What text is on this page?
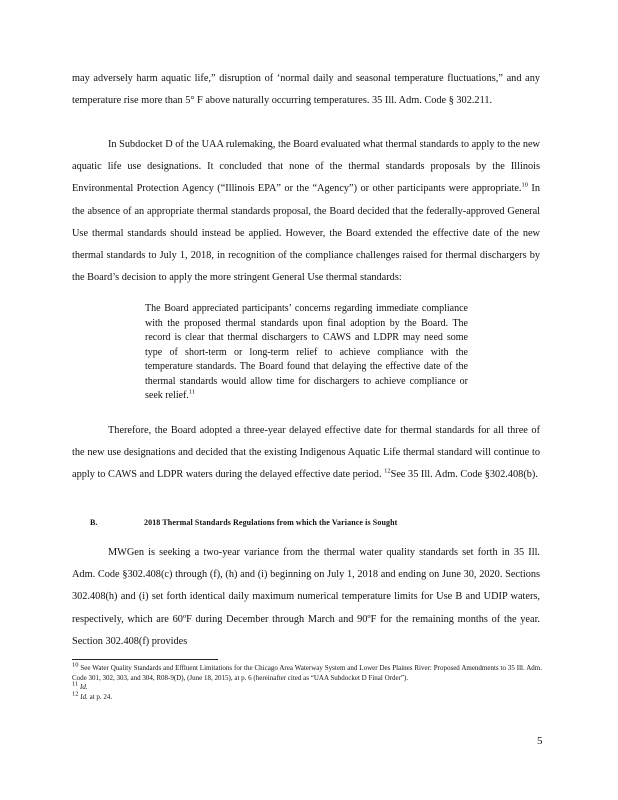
may adversely harm aquatic life,” disruption of ‘normal daily and seasonal temperature fluctuations,” and any temperature rise more than 5° F above naturally occurring temperatures. 35 Ill. Adm. Code § 302.211.

In Subdocket D of the UAA rulemaking, the Board evaluated what thermal standards to apply to the new aquatic life use designations. It concluded that none of the thermal standards proposals by the Illinois Environmental Protection Agency (“Illinois EPA” or the “Agency”) or other participants were appropriate.$^{10}$ In the absence of an appropriate thermal standards proposal, the Board decided that the federally-approved General Use thermal standards should instead be applied. However, the Board extended the effective date of the new thermal standards to July 1, 2018, in recognition of the compliance challenges raised for thermal dischargers by the Board’s decision to apply the more stringent General Use thermal standards:

The Board appreciated participants’ concerns regarding immediate compliance with the proposed thermal standards upon final adoption by the Board. The record is clear that thermal dischargers to CAWS and LDPR may need some type of short-term or long-term relief to achieve compliance with the temperature standards. The Board found that delaying the effective date of the thermal standards would allow time for dischargers to achieve compliance or seek relief.$^{11}$

Therefore, the Board adopted a three-year delayed effective date for thermal standards for all three of the new use designations and decided that the existing Indigenous Aquatic Life thermal standard will continue to apply to CAWS and LDPR waters during the delayed effective date period. $^{12}$See 35 Ill. Adm. Code §302.408(b).

B.	2018 Thermal Standards Regulations from which the Variance is Sought

MWGen is seeking a two-year variance from the thermal water quality standards set forth in 35 Ill. Adm. Code §302.408(c) through (f), (h) and (i) beginning on July 1, 2018 and ending on June 30, 2020. Sections 302.408(h) and (i) set forth identical daily maximum numerical temperature limits for Use B and UDIP waters, respectively, which are 60ºF during December through March and 90ºF for the remaining months of the year. Section 302.408(f) provides

$^{10}$ See Water Quality Standards and Effluent Limitations for the Chicago Area Waterway System and Lower Des Plaines River: Proposed Amendments to 35 Ill. Adm. Code 301, 302, 303, and 304, R08-9(D), (June 18, 2015), at p. 6 (hereinafter cited as “UAA Subdocket D Final Order”).

$^{11}$ Id.

$^{12}$ Id. at p. 24.

5
